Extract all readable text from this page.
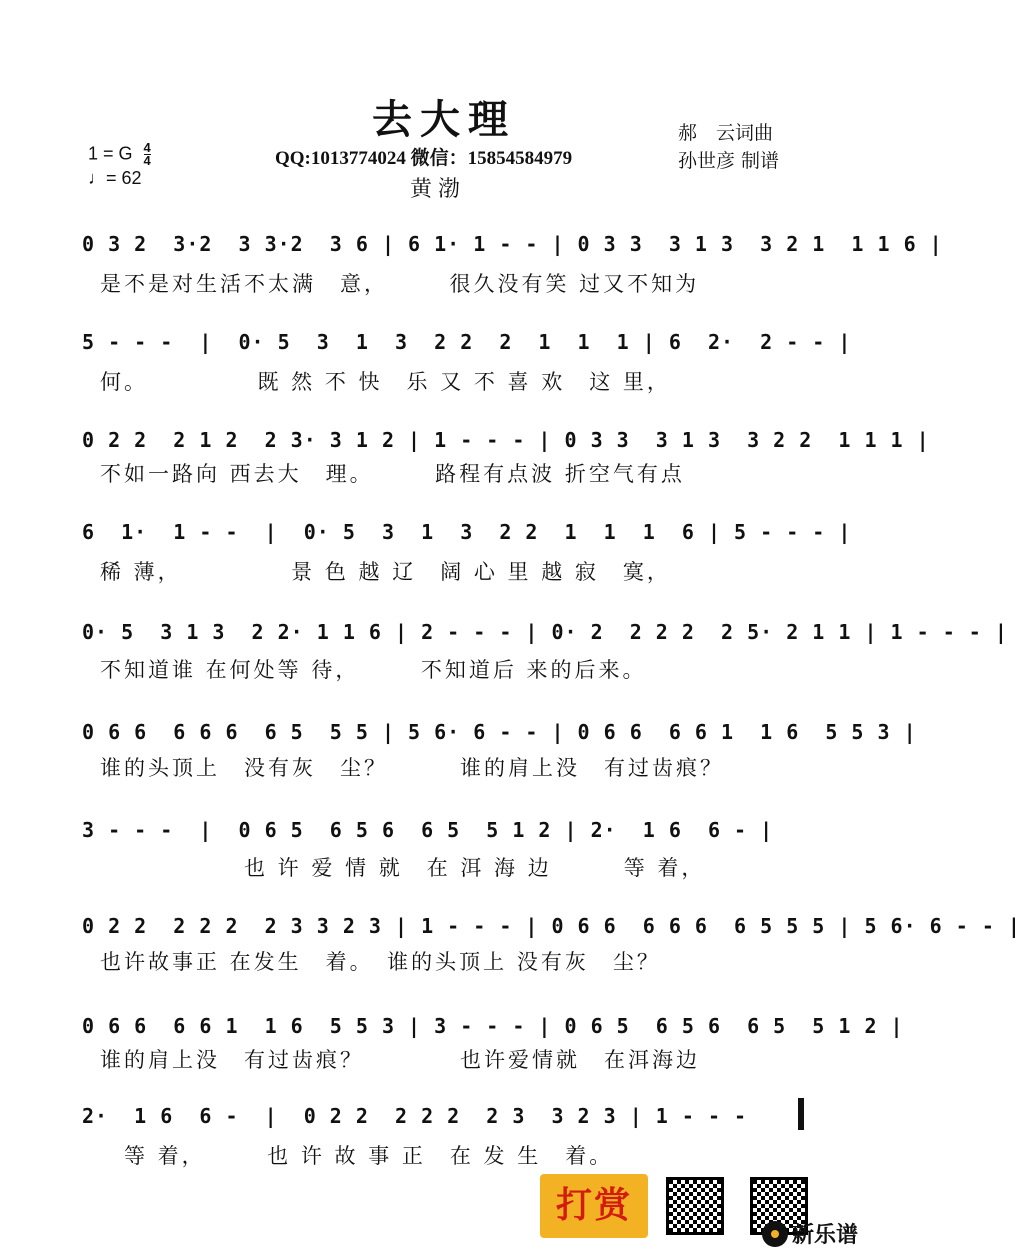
去大理	郝　云词曲
孙世彦 制谱
QQ:1013774024 微信：15854584979
黄渤
1 = G $\frac{4}{4}$
♩= 62
0 3 2  3·2  3 3·2  3 6 | 6 1· 1 - - | 0 3 3  3 1 3  3 2 1  1 1 6 |
是不是对生活不太满　意，　　　很久没有笑 过又不知为
5 - - -  |  0· 5  3  1  3  2 2  2  1  1  1 | 6  2·  2 - - |
何。　　　　　既 然 不 快　乐 又 不 喜 欢　这 里，
0 2 2  2 1 2  2 3· 3 1 2 | 1 - - - | 0 3 3  3 1 3  3 2 2  1 1 1 |
不如一路向 西去大　理。　　　路程有点波 折空气有点
6  1·  1 - -  |  0· 5  3  1  3  2 2  1  1  1  6 | 5 - - - |
稀 薄，　　　　　景 色 越 辽　阔 心 里 越 寂　寞，
0· 5  3 1 3  2 2· 1 1 6 | 2 - - - | 0· 2  2 2 2  2 5· 2 1 1 | 1 - - - |
不知道谁 在何处等 待，　　　不知道后 来的后来。
0 6 6  6 6 6  6 5  5 5 | 5 6· 6 - - | 0 6 6  6 6 1  1 6  5 5 3 |
谁的头顶上　没有灰　尘？　　　谁的肩上没　有过齿痕？
3 - - -  |  0 6 5  6 5 6  6 5  5 1 2 | 2·  1 6  6 - |
　　　　　　也 许 爱 情 就　在 洱 海 边　　　等 着，
0 2 2  2 2 2  2 3 3 2 3 | 1 - - - | 0 6 6  6 6 6  6 5 5 5 | 5 6· 6 - - |
也许故事正 在发生　着。　谁的头顶上 没有灰　尘？
0 6 6  6 6 1  1 6  5 5 3 | 3 - - - | 0 6 5  6 5 6  6 5  5 1 2 |
谁的肩上没　有过齿痕？　　　　也许爱情就　在洱海边
2·  1 6  6 -  |  0 2 2  2 2 2  2 3  3 2 3 | 1 - - -
　等 着，　　　也 许 故 事 正　在 发 生　着。
打赏
新乐谱
